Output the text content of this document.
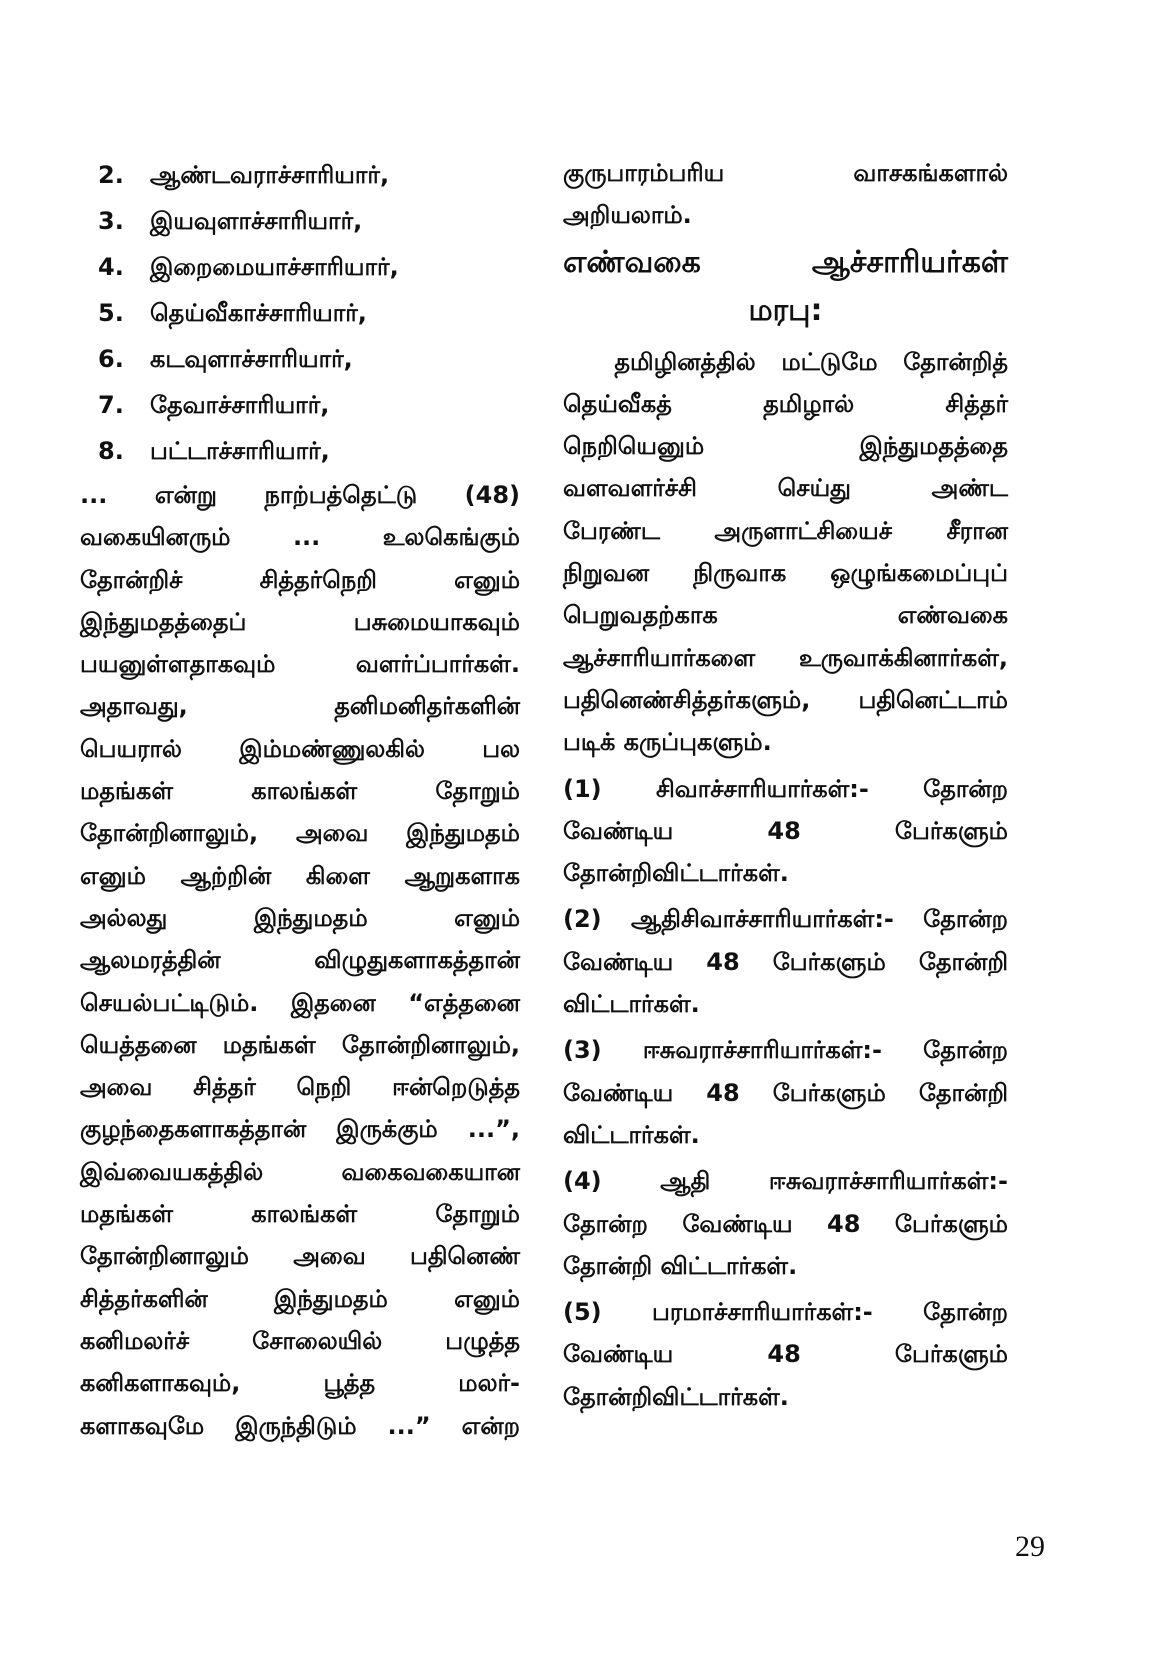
2.	ஆண்டவராச்சாரியார்,
3.	இயவுளாச்சாரியார்,
4.	இறைமையாச்சாரியார்,
5.	தெய்வீகாச்சாரியார்,
6.	கடவுளாச்சாரியார்,
7.	தேவாச்சாரியார்,
8.	பட்டாச்சாரியார்,
... என்று நாற்பத்தெட்டு (48)
வகையினரும் ... உலகெங்கும்
தோன்றிச் சித்தர்நெறி எனும்
இந்துமதத்தைப் பசுமையாகவும்
பயனுள்ளதாகவும் வளர்ப்பார்கள்.
அதாவது, தனிமனிதர்களின்
பெயரால் இம்மண்ணுலகில் பல
மதங்கள் காலங்கள் தோறும்
தோன்றினாலும், அவை இந்துமதம்
எனும் ஆற்றின் கிளை ஆறுகளாக
அல்லது இந்துமதம் எனும்
ஆலமரத்தின் விழுதுகளாகத்தான்
செயல்பட்டிடும். இதனை “எத்தனை
யெத்தனை மதங்கள் தோன்றினாலும்,
அவை சித்தர் நெறி ஈன்றெடுத்த
குழந்தைகளாகத்தான் இருக்கும் ...”,
இவ்வையகத்தில் வகைவகையான
மதங்கள் காலங்கள் தோறும்
தோன்றினாலும் அவை பதினெண்
சித்தர்களின் இந்துமதம் எனும்
கனிமலர்ச் சோலையில் பழுத்த
கனிகளாகவும், பூத்த மலர்-
களாகவுமே இருந்திடும் ...” என்ற
குருபாரம்பரிய வாசகங்களால்
அறியலாம்.
எண்வகை ஆச்சாரியர்கள்
மரபு:
தமிழினத்தில் மட்டுமே தோன்றித்
தெய்வீகத் தமிழால் சித்தர்
நெறியெனும் இந்துமதத்தை
வளவளர்ச்சி செய்து அண்ட
பேரண்ட அருளாட்சியைச் சீரான
நிறுவன நிருவாக ஒழுங்கமைப்புப்
பெறுவதற்காக எண்வகை
ஆச்சாரியார்களை உருவாக்கினார்கள்,
பதினெண்சித்தர்களும், பதினெட்டாம்
படிக் கருப்புகளும்.
(1) சிவாச்சாரியார்கள்:- தோன்ற
வேண்டிய 48 பேர்களும்
தோன்றிவிட்டார்கள்.
(2) ஆதிசிவாச்சாரியார்கள்:- தோன்ற
வேண்டிய 48 பேர்களும் தோன்றி
விட்டார்கள்.
(3) ஈசுவராச்சாரியார்கள்:- தோன்ற
வேண்டிய 48 பேர்களும் தோன்றி
விட்டார்கள்.
(4) ஆதி ஈசுவராச்சாரியார்கள்:-
தோன்ற வேண்டிய 48 பேர்களும்
தோன்றி விட்டார்கள்.
(5) பரமாச்சாரியார்கள்:- தோன்ற
வேண்டிய 48 பேர்களும்
தோன்றிவிட்டார்கள்.
29
